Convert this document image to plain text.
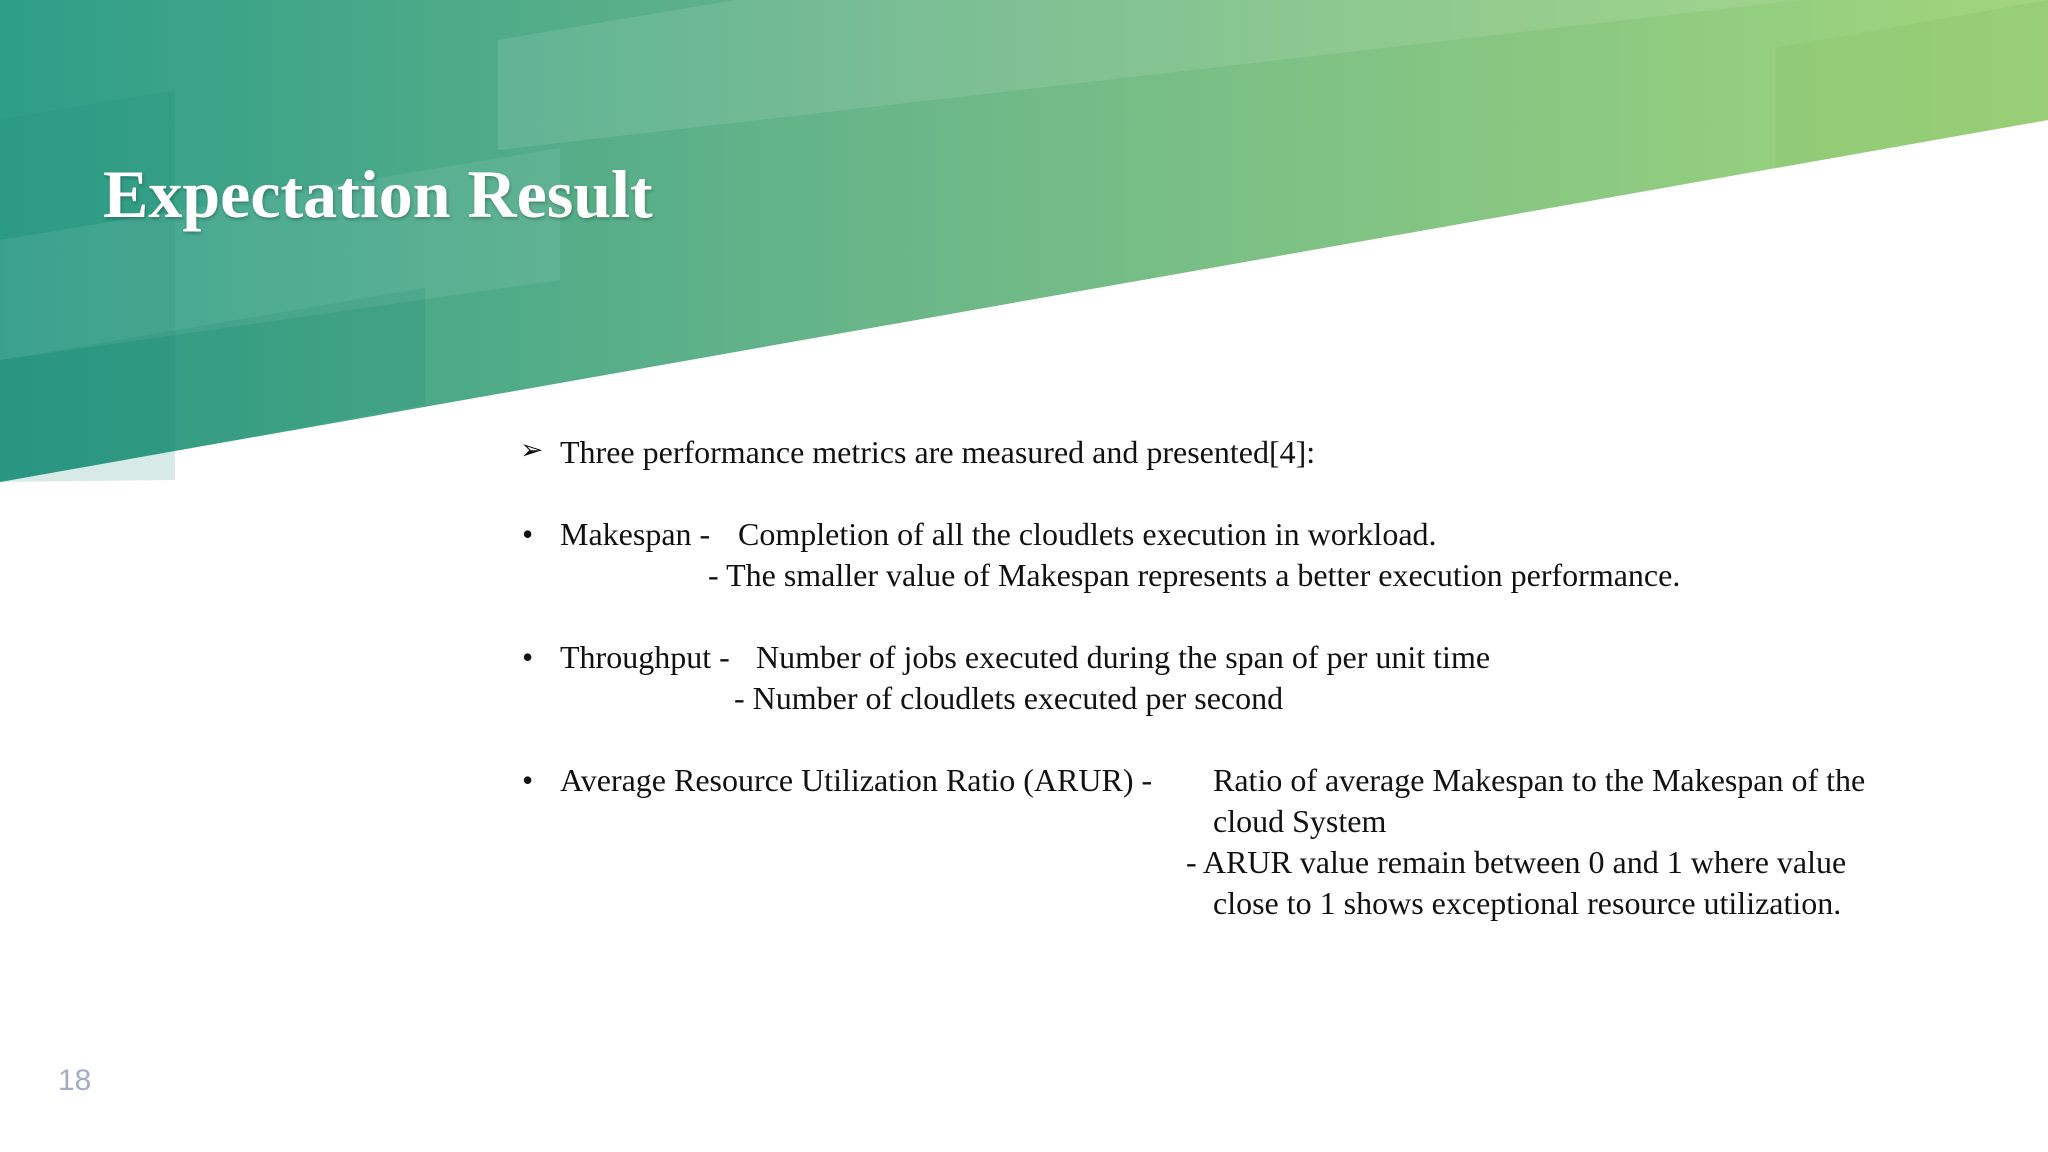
Expectation Result
➢ Three performance metrics are measured and presented[4]:
• Makespan - Completion of all the cloudlets execution in workload.
- The smaller value of Makespan represents a better execution performance.
• Throughput - Number of jobs executed during the span of per unit time
- Number of cloudlets executed per second
• Average Resource Utilization Ratio (ARUR) - Ratio of average Makespan to the Makespan of the
cloud System
- ARUR value remain between 0 and 1 where value
close to 1 shows exceptional resource utilization.
18
